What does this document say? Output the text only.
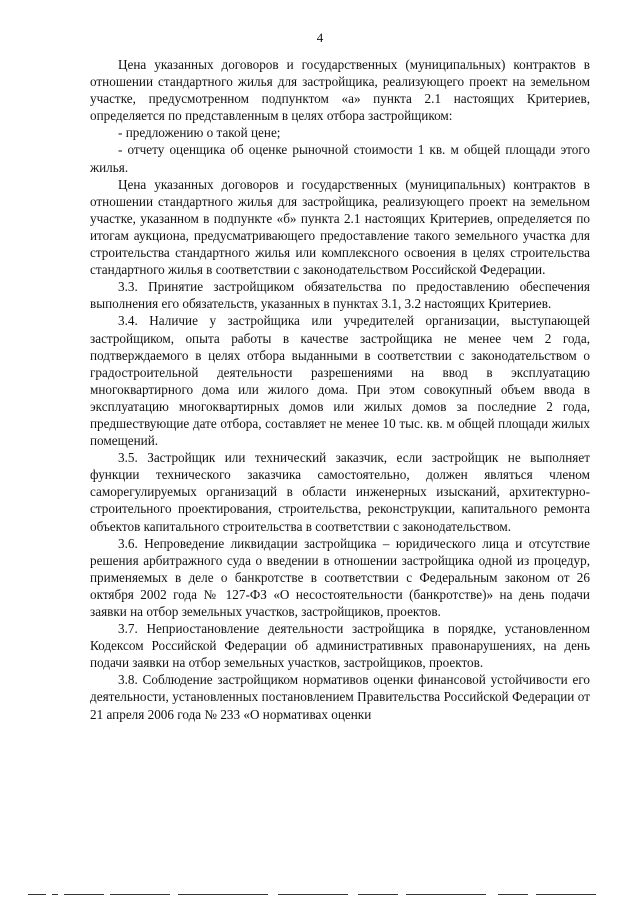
4

Цена указанных договоров и государственных (муниципальных) контрактов в отношении стандартного жилья для застройщика, реализующего проект на земельном участке, предусмотренном подпунктом «а» пункта 2.1 настоящих Критериев, определяется по представленным в целях отбора застройщиком:

- предложению о такой цене;

- отчету оценщика об оценке рыночной стоимости 1 кв. м общей площади этого жилья.

Цена указанных договоров и государственных (муниципальных) контрактов в отношении стандартного жилья для застройщика, реализующего проект на земельном участке, указанном в подпункте «б» пункта 2.1 настоящих Критериев, определяется по итогам аукциона, предусматривающего предоставление такого земельного участка для строительства стандартного жилья или комплексного освоения в целях строительства стандартного жилья в соответствии с законодательством Российской Федерации.

3.3. Принятие застройщиком обязательства по предоставлению обеспечения выполнения его обязательств, указанных в пунктах 3.1, 3.2 настоящих Критериев.

3.4. Наличие у застройщика или учредителей организации, выступающей застройщиком, опыта работы в качестве застройщика не менее чем 2 года, подтверждаемого в целях отбора выданными в соответствии с законодательством о градостроительной деятельности разрешениями на ввод в эксплуатацию многоквартирного дома или жилого дома. При этом совокупный объем ввода в эксплуатацию многоквартирных домов или жилых домов за последние 2 года, предшествующие дате отбора, составляет не менее 10 тыс. кв. м общей площади жилых помещений.

3.5. Застройщик или технический заказчик, если застройщик не выполняет функции технического заказчика самостоятельно, должен являться членом саморегулируемых организаций в области инженерных изысканий, архитектурно-строительного проектирования, строительства, реконструкции, капитального ремонта объектов капитального строительства в соответствии с законодательством.

3.6. Непроведение ликвидации застройщика – юридического лица и отсутствие решения арбитражного суда о введении в отношении застройщика одной из процедур, применяемых в деле о банкротстве в соответствии с Федеральным законом от 26 октября 2002 года № 127-ФЗ «О несостоятельности (банкротстве)» на день подачи заявки на отбор земельных участков, застройщиков, проектов.

3.7. Неприостановление деятельности застройщика в порядке, установленном Кодексом Российской Федерации об административных правонарушениях, на день подачи заявки на отбор земельных участков, застройщиков, проектов.

3.8. Соблюдение застройщиком нормативов оценки финансовой устойчивости его деятельности, установленных постановлением Правительства Российской Федерации от 21 апреля 2006 года № 233 «О нормативах оценки
